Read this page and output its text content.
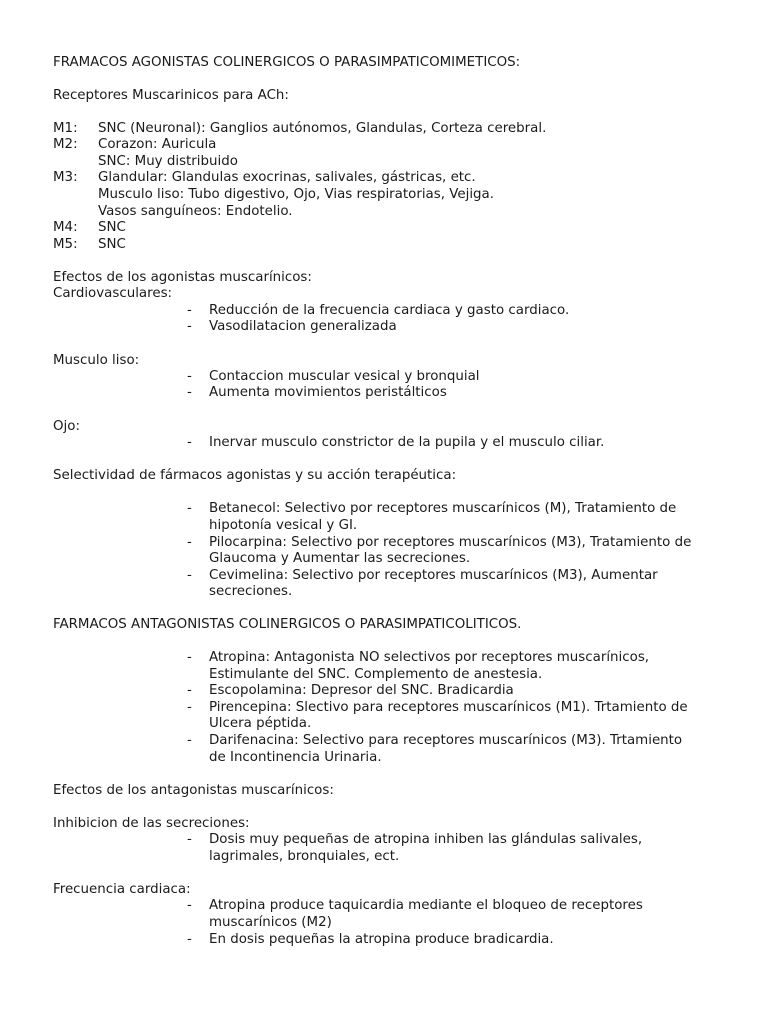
FRAMACOS AGONISTAS COLINERGICOS O PARASIMPATICOMIMETICOS:
Receptores Muscarinicos para ACh:
M1: SNC (Neuronal): Ganglios autónomos, Glandulas, Corteza cerebral.
M2: Corazon: Auricula
SNC: Muy distribuido
M3: Glandular: Glandulas exocrinas, salivales, gástricas, etc.
Musculo liso: Tubo digestivo, Ojo, Vias respiratorias, Vejiga.
Vasos sanguíneos: Endotelio.
M4: SNC
M5: SNC
Efectos de los agonistas muscarínicos:
Cardiovasculares:
- Reducción de la frecuencia cardiaca y gasto cardiaco.
- Vasodilatacion generalizada
Musculo liso:
- Contaccion muscular vesical y bronquial
- Aumenta movimientos peristálticos
Ojo:
- Inervar musculo constrictor de la pupila y el musculo ciliar.
Selectividad de fármacos agonistas y su acción terapéutica:
- Betanecol: Selectivo por receptores muscarínicos (M), Tratamiento de
hipotonía vesical y GI.
- Pilocarpina: Selectivo por receptores muscarínicos (M3), Tratamiento de
Glaucoma y Aumentar las secreciones.
- Cevimelina: Selectivo por receptores muscarínicos (M3), Aumentar
secreciones.
FARMACOS ANTAGONISTAS COLINERGICOS O PARASIMPATICOLITICOS.
- Atropina: Antagonista NO selectivos por receptores muscarínicos,
Estimulante del SNC. Complemento de anestesia.
- Escopolamina: Depresor del SNC. Bradicardia
- Pirencepina: Slectivo para receptores muscarínicos (M1). Trtamiento de
Ulcera péptida.
- Darifenacina: Selectivo para receptores muscarínicos (M3). Trtamiento
de Incontinencia Urinaria.
Efectos de los antagonistas muscarínicos:
Inhibicion de las secreciones:
- Dosis muy pequeñas de atropina inhiben las glándulas salivales,
lagrimales, bronquiales, ect.
Frecuencia cardiaca:
- Atropina produce taquicardia mediante el bloqueo de receptores
muscarínicos (M2)
- En dosis pequeñas la atropina produce bradicardia.
